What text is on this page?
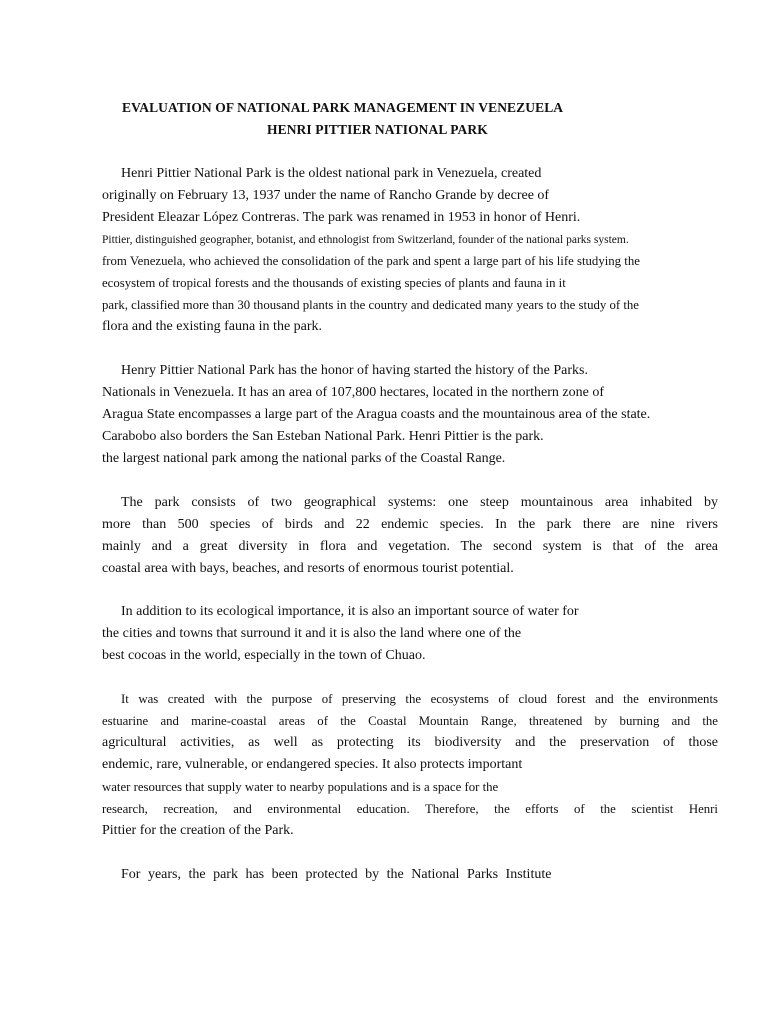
EVALUATION OF NATIONAL PARK MANAGEMENT IN VENEZUELA
HENRI PITTIER NATIONAL PARK

Henri Pittier National Park is the oldest national park in Venezuela, created

originally on February 13, 1937 under the name of Rancho Grande by decree of

President Eleazar López Contreras. The park was renamed in 1953 in honor of Henri.

Pittier, distinguished geographer, botanist, and ethnologist from Switzerland, founder of the national parks system.

from Venezuela, who achieved the consolidation of the park and spent a large part of his life studying the

ecosystem of tropical forests and the thousands of existing species of plants and fauna in it

park, classified more than 30 thousand plants in the country and dedicated many years to the study of the

flora and the existing fauna in the park.

Henry Pittier National Park has the honor of having started the history of the Parks.

Nationals in Venezuela. It has an area of 107,800 hectares, located in the northern zone of

Aragua State encompasses a large part of the Aragua coasts and the mountainous area of the state.

Carabobo also borders the San Esteban National Park. Henri Pittier is the park.

the largest national park among the national parks of the Coastal Range.

The park consists of two geographical systems: one steep mountainous area inhabited by

more than 500 species of birds and 22 endemic species. In the park there are nine rivers

mainly and a great diversity in flora and vegetation. The second system is that of the area

coastal area with bays, beaches, and resorts of enormous tourist potential.

In addition to its ecological importance, it is also an important source of water for

the cities and towns that surround it and it is also the land where one of the

best cocoas in the world, especially in the town of Chuao.

It was created with the purpose of preserving the ecosystems of cloud forest and the environments

estuarine and marine-coastal areas of the Coastal Mountain Range, threatened by burning and the

agricultural activities, as well as protecting its biodiversity and the preservation of those

endemic, rare, vulnerable, or endangered species. It also protects important

water resources that supply water to nearby populations and is a space for the

research, recreation, and environmental education. Therefore, the efforts of the scientist Henri

Pittier for the creation of the Park.

For years, the park has been protected by the National Parks Institute
